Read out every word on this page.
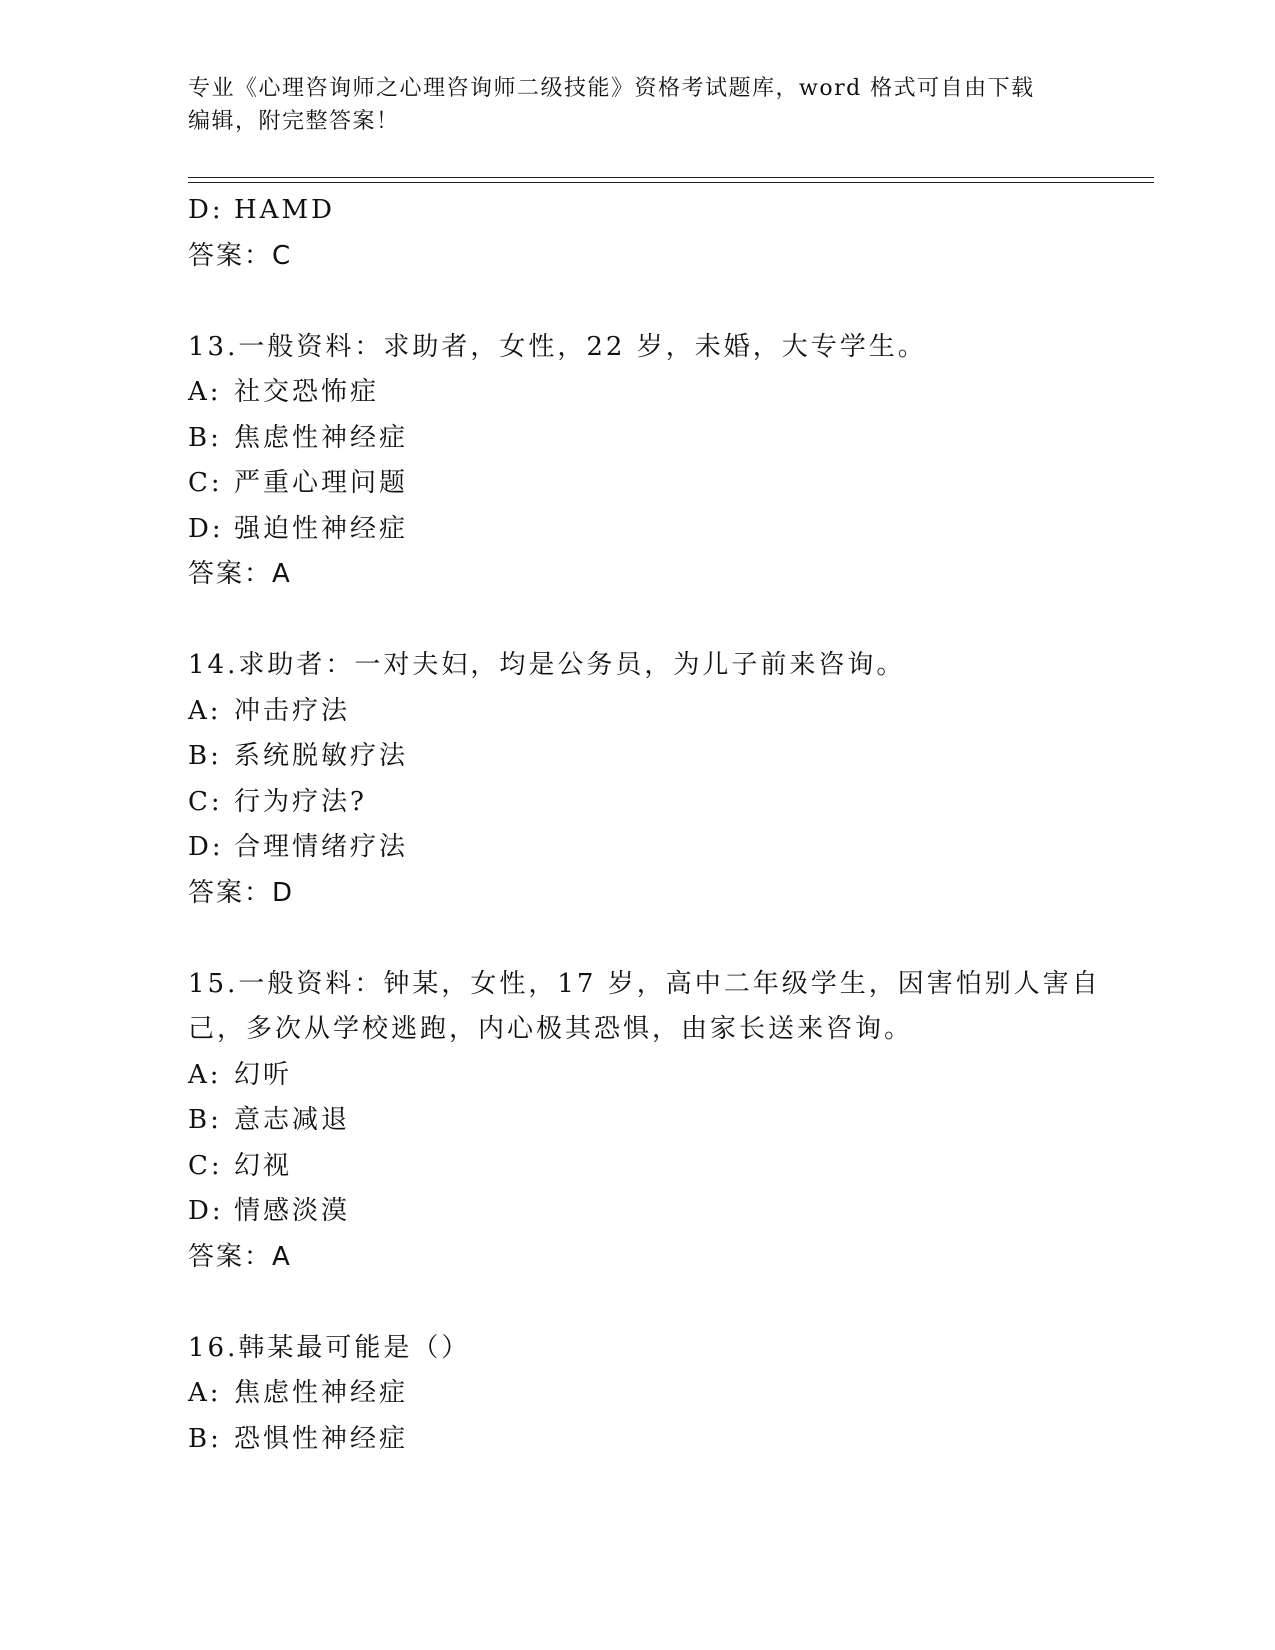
专业《心理咨询师之心理咨询师二级技能》资格考试题库，word 格式可自由下载
编辑，附完整答案！
D: HAMD
答案：C
13.一般资料：求助者，女性，22 岁，未婚，大专学生。
A: 社交恐怖症
B: 焦虑性神经症
C: 严重心理问题
D: 强迫性神经症
答案：A
14.求助者：一对夫妇，均是公务员，为儿子前来咨询。
A: 冲击疗法
B: 系统脱敏疗法
C: 行为疗法?
D: 合理情绪疗法
答案：D
15.一般资料：钟某，女性，17 岁，高中二年级学生，因害怕别人害自
己，多次从学校逃跑，内心极其恐惧，由家长送来咨询。
A: 幻听
B: 意志减退
C: 幻视
D: 情感淡漠
答案：A
16.韩某最可能是（）
A: 焦虑性神经症
B: 恐惧性神经症
